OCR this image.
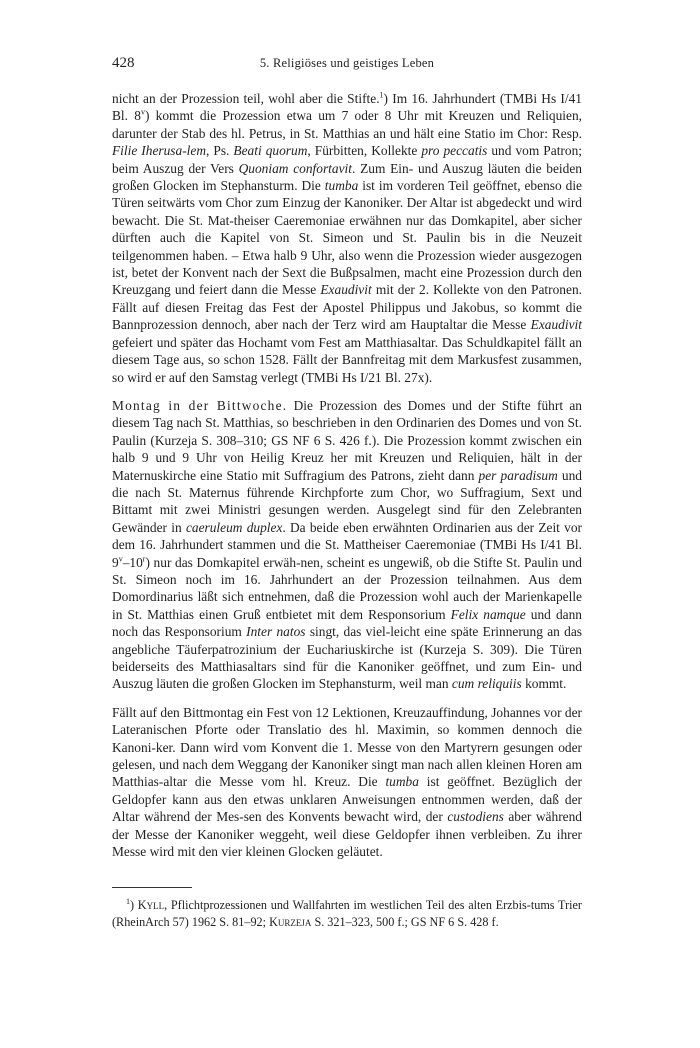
428	5. Religiöses und geistiges Leben

nicht an der Prozession teil, wohl aber die Stifte.$^1$) Im 16. Jahrhundert (TMBi Hs I/41 Bl. 8$^v$) kommt die Prozession etwa um 7 oder 8 Uhr mit Kreuzen und Reliquien, darunter der Stab des hl. Petrus, in St. Matthias an und hält eine Statio im Chor: Resp. Filie Iherusa-lem, Ps. Beati quorum, Fürbitten, Kollekte pro peccatis und vom Patron; beim Auszug der Vers Quoniam confortavit. Zum Ein- und Auszug läuten die beiden großen Glocken im Stephansturm. Die tumba ist im vorderen Teil geöffnet, ebenso die Türen seitwärts vom Chor zum Einzug der Kanoniker. Der Altar ist abgedeckt und wird bewacht. Die St. Mat-theiser Caeremoniae erwähnen nur das Domkapitel, aber sicher dürften auch die Kapitel von St. Simeon und St. Paulin bis in die Neuzeit teilgenommen haben. – Etwa halb 9 Uhr, also wenn die Prozession wieder ausgezogen ist, betet der Konvent nach der Sext die Bußpsalmen, macht eine Prozession durch den Kreuzgang und feiert dann die Messe Exaudivit mit der 2. Kollekte von den Patronen. Fällt auf diesen Freitag das Fest der Apostel Philippus und Jakobus, so kommt die Bannprozession dennoch, aber nach der Terz wird am Hauptaltar die Messe Exaudivit gefeiert und später das Hochamt vom Fest am Matthiasaltar. Das Schuldkapitel fällt an diesem Tage aus, so schon 1528. Fällt der Bannfreitag mit dem Markusfest zusammen, so wird er auf den Samstag verlegt (TMBi Hs I/21 Bl. 27x).

Montag in der Bittwoche. Die Prozession des Domes und der Stifte führt an diesem Tag nach St. Matthias, so beschrieben in den Ordinarien des Domes und von St. Paulin (Kurzeja S. 308–310; GS NF 6 S. 426 f.). Die Prozession kommt zwischen ein halb 9 und 9 Uhr von Heilig Kreuz her mit Kreuzen und Reliquien, hält in der Maternuskirche eine Statio mit Suffragium des Patrons, zieht dann per paradisum und die nach St. Maternus führende Kirchpforte zum Chor, wo Suffragium, Sext und Bittamt mit zwei Ministri gesungen werden. Ausgelegt sind für den Zelebranten Gewänder in caeruleum duplex. Da beide eben erwähnten Ordinarien aus der Zeit vor dem 16. Jahrhundert stammen und die St. Mattheiser Caeremoniae (TMBi Hs I/41 Bl. 9$^v$–10$^r$) nur das Domkapitel erwäh-nen, scheint es ungewiß, ob die Stifte St. Paulin und St. Simeon noch im 16. Jahrhundert an der Prozession teilnahmen. Aus dem Domordinarius läßt sich entnehmen, daß die Prozession wohl auch der Marienkapelle in St. Matthias einen Gruß entbietet mit dem Responsorium Felix namque und dann noch das Responsorium Inter natos singt, das viel-leicht eine späte Erinnerung an das angebliche Täuferpatrozinium der Euchariuskirche ist (Kurzeja S. 309). Die Türen beiderseits des Matthiasaltars sind für die Kanoniker geöffnet, und zum Ein- und Auszug läuten die großen Glocken im Stephansturm, weil man cum reliquiis kommt.

Fällt auf den Bittmontag ein Fest von 12 Lektionen, Kreuzauffindung, Johannes vor der Lateranischen Pforte oder Translatio des hl. Maximin, so kommen dennoch die Kanoni-ker. Dann wird vom Konvent die 1. Messe von den Martyrern gesungen oder gelesen, und nach dem Weggang der Kanoniker singt man nach allen kleinen Horen am Matthias-altar die Messe vom hl. Kreuz. Die tumba ist geöffnet. Bezüglich der Geldopfer kann aus den etwas unklaren Anweisungen entnommen werden, daß der Altar während der Mes-sen des Konvents bewacht wird, der custodiens aber während der Messe der Kanoniker weggeht, weil diese Geldopfer ihnen verbleiben. Zu ihrer Messe wird mit den vier kleinen Glocken geläutet.

$^1$) Kyll, Pflichtprozessionen und Wallfahrten im westlichen Teil des alten Erzbis-tums Trier (RheinArch 57) 1962 S. 81–92; Kurzeja S. 321–323, 500 f.; GS NF 6 S. 428 f.
